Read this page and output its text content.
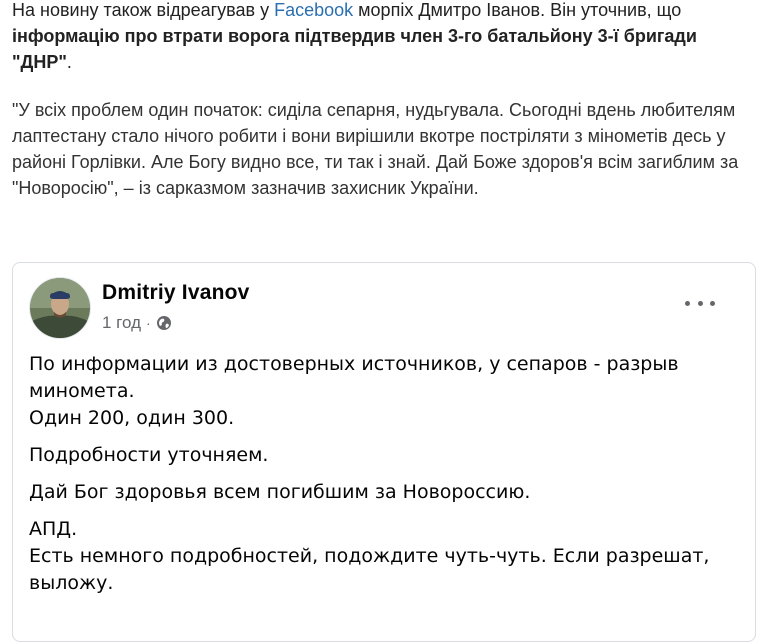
На новину також відреагував у Facebook морпіх Дмитро Іванов. Він уточнив, що інформацію про втрати ворога підтвердив член 3-го батальйону 3-ї бригади "ДНР".

"У всіх проблем один початок: сиділа сепарня, нудьгувала. Сьогодні вдень любителям лаптестану стало нічого робити і вони вирішили вкотре постріляти з мінометів десь у районі Горлівки. Але Богу видно все, ти так і знай. Дай Боже здоров'я всім загиблим за "Новоросію", – із сарказмом зазначив захисник України.

Dmitriy Ivanov
1 год ·

По информации из достоверных источников, у сепаров - разрыв

миномета.

Один 200, один 300.

Подробности уточняем.

Дай Бог здоровья всем погибшим за Новороссию.

АПД.

Есть немного подробностей, подождите чуть-чуть. Если разрешат,

выложу.
